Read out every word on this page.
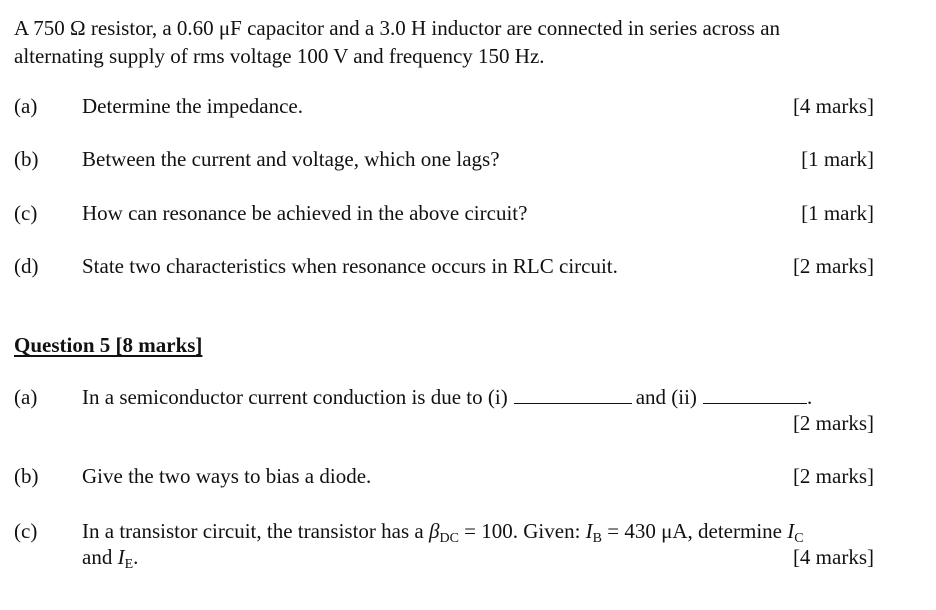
A 750 Ω resistor, a 0.60 μF capacitor and a 3.0 H inductor are connected in series across an
alternating supply of rms voltage 100 V and frequency 150 Hz.
(a) Determine the impedance.	[4 marks]
(b) Between the current and voltage, which one lags?	[1 mark]
(c) How can resonance be achieved in the above circuit?	[1 mark]
(d) State two characteristics when resonance occurs in RLC circuit.	[2 marks]
Question 5 [8 marks]
(a) In a semiconductor current conduction is due to (i)	and (ii)	.
[2 marks]
(b) Give the two ways to bias a diode.	[2 marks]
(c) In a transistor circuit, the transistor has a $\beta_{DC} = 100$. Given: $I_B = 430$ μA, determine $I_C$
and $I_E$.	[4 marks]
